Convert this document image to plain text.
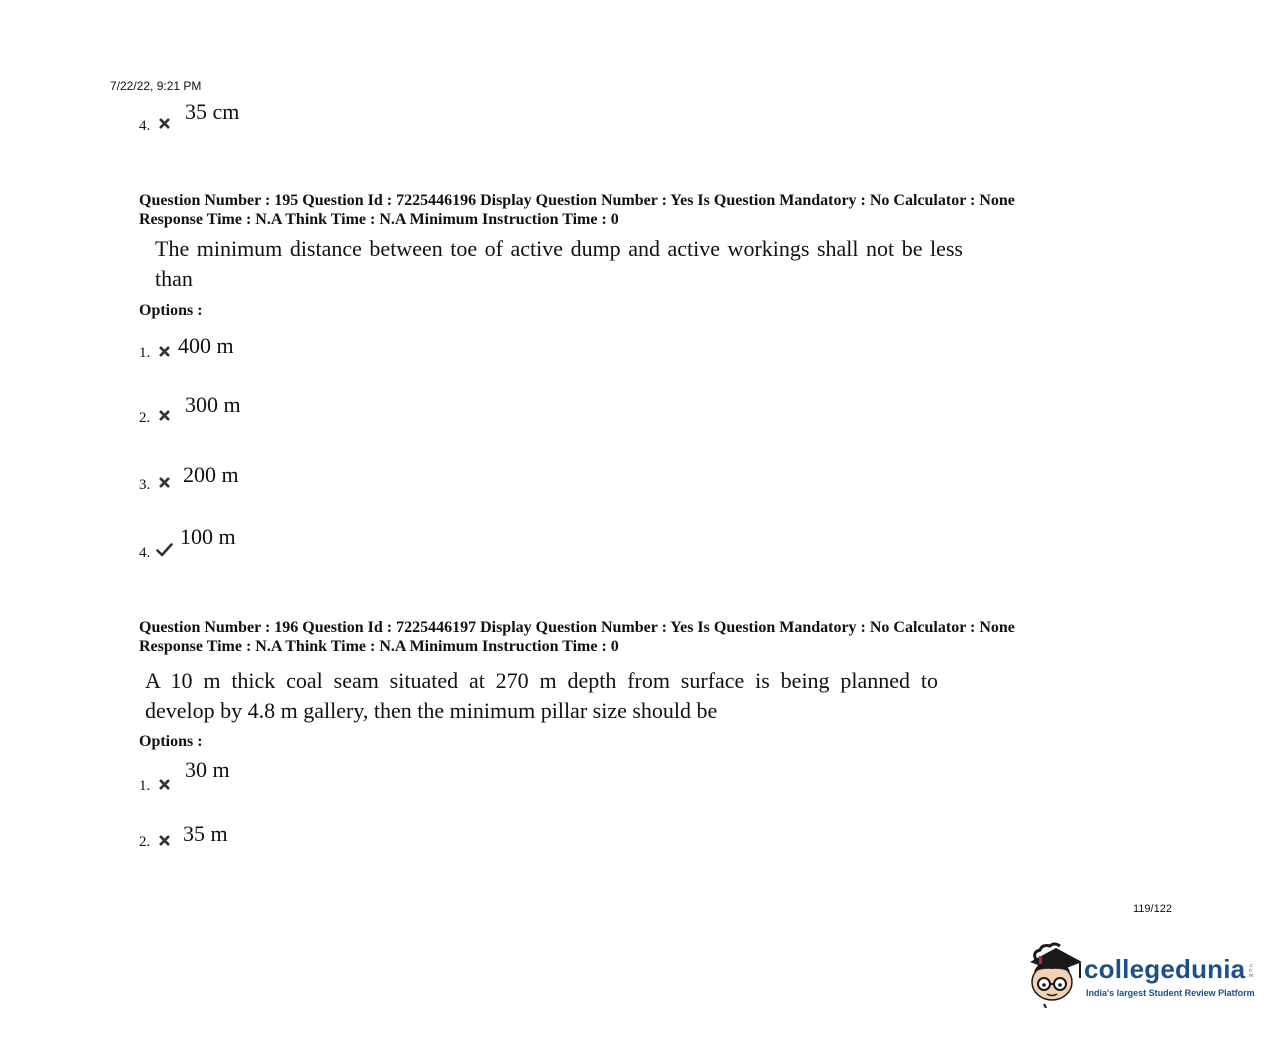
7/22/22, 9:21 PM
4.
35 cm
Question Number : 195 Question Id : 7225446196 Display Question Number : Yes Is Question Mandatory : No Calculator : None
Response Time : N.A Think Time : N.A Minimum Instruction Time : 0
The minimum distance between toe of active dump and active workings shall not be less
than
Options :
1. 400 m
2.
300 m
3. 200 m
4.
100 m
Question Number : 196 Question Id : 7225446197 Display Question Number : Yes Is Question Mandatory : No Calculator : None
Response Time : N.A Think Time : N.A Minimum Instruction Time : 0
A 10 m thick coal seam situated at 270 m depth from surface is being planned to
develop by 4.8 m gallery, then the minimum pillar size should be
Options :
1.
30 m
2. 35 m
119/122
collegedunia .com
India's largest Student Review Platform
